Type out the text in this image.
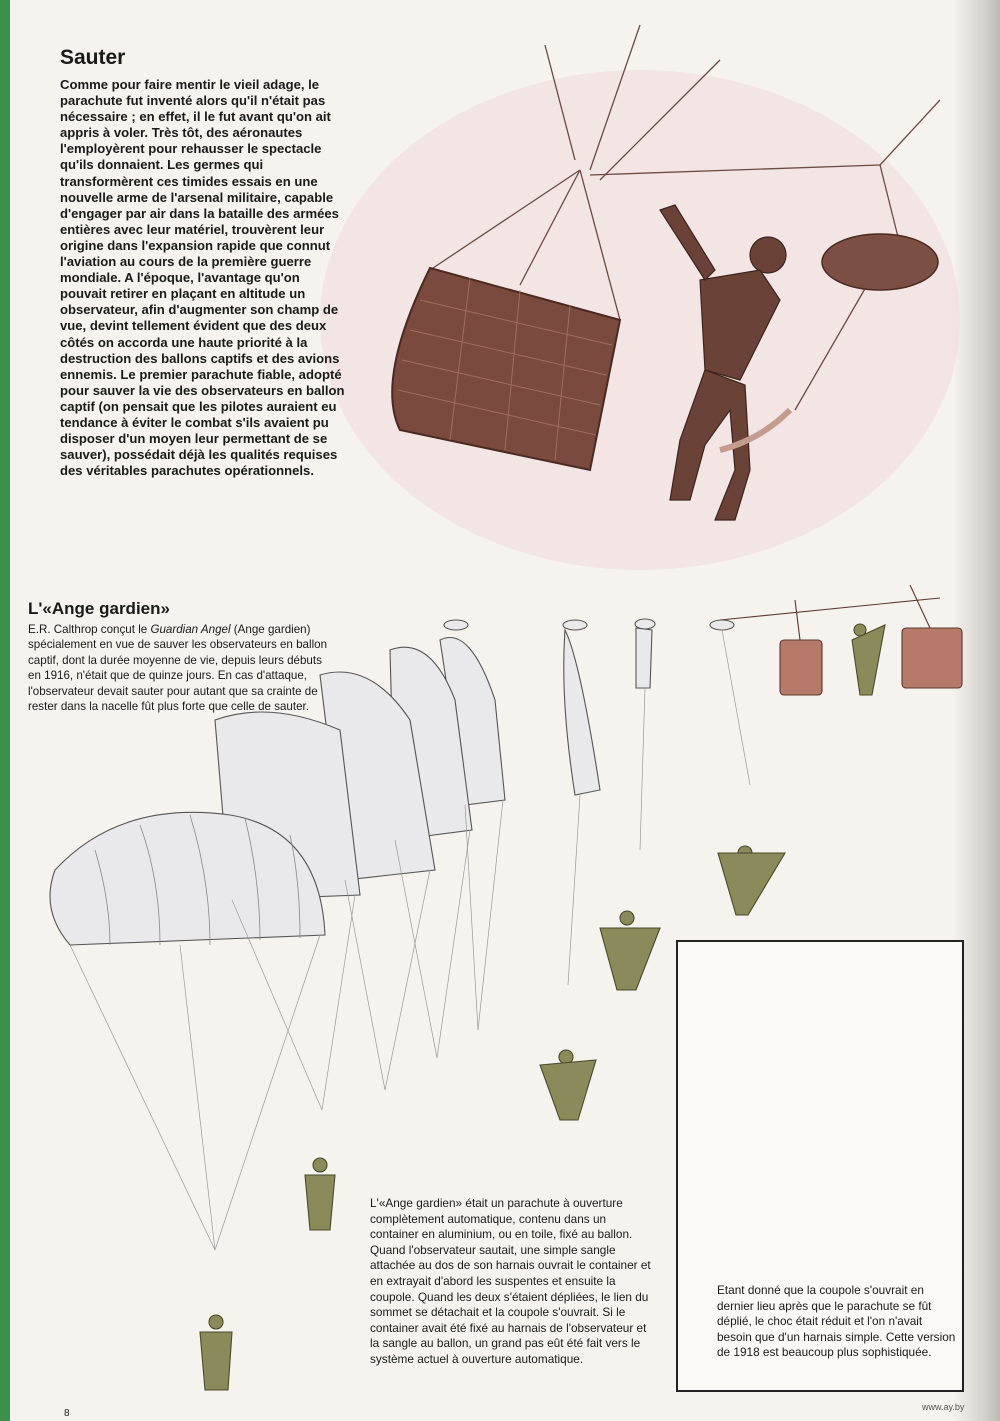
Sauter

Comme pour faire mentir le vieil adage, le parachute fut inventé alors qu'il n'était pas nécessaire ; en effet, il le fut avant qu'on ait appris à voler. Très tôt, des aéronautes l'employèrent pour rehausser le spectacle qu'ils donnaient. Les germes qui transformèrent ces timides essais en une nouvelle arme de l'arsenal militaire, capable d'engager par air dans la bataille des armées entières avec leur matériel, trouvèrent leur origine dans l'expansion rapide que connut l'aviation au cours de la première guerre mondiale. A l'époque, l'avantage qu'on pouvait retirer en plaçant en altitude un observateur, afin d'augmenter son champ de vue, devint tellement évident que des deux côtés on accorda une haute priorité à la destruction des ballons captifs et des avions ennemis. Le premier parachute fiable, adopté pour sauver la vie des observateurs en ballon captif (on pensait que les pilotes auraient eu tendance à éviter le combat s'ils avaient pu disposer d'un moyen leur permettant de se sauver), possédait déjà les qualités requises des véritables parachutes opérationnels.

L'«Ange gardien»

E.R. Calthrop conçut le Guardian Angel (Ange gardien) spécialement en vue de sauver les observateurs en ballon captif, dont la durée moyenne de vie, depuis leurs débuts en 1916, n'était que de quinze jours. En cas d'attaque, l'observateur devait sauter pour autant que sa crainte de rester dans la nacelle fût plus forte que celle de sauter.

L'«Ange gardien» était un parachute à ouverture complètement automatique, contenu dans un container en aluminium, ou en toile, fixé au ballon. Quand l'observateur sautait, une simple sangle attachée au dos de son harnais ouvrait le container et en extrayait d'abord les suspentes et ensuite la coupole. Quand les deux s'étaient dépliées, le lien du sommet se détachait et la coupole s'ouvrait. Si le container avait été fixé au harnais de l'observateur et la sangle au ballon, un grand pas eût été fait vers le système actuel à ouverture automatique.

Etant donné que la coupole s'ouvrait en dernier lieu après que le parachute se fût déplié, le choc était réduit et l'on n'avait besoin que d'un harnais simple. Cette version de 1918 est beaucoup plus sophistiquée.

8
www.ay.by
